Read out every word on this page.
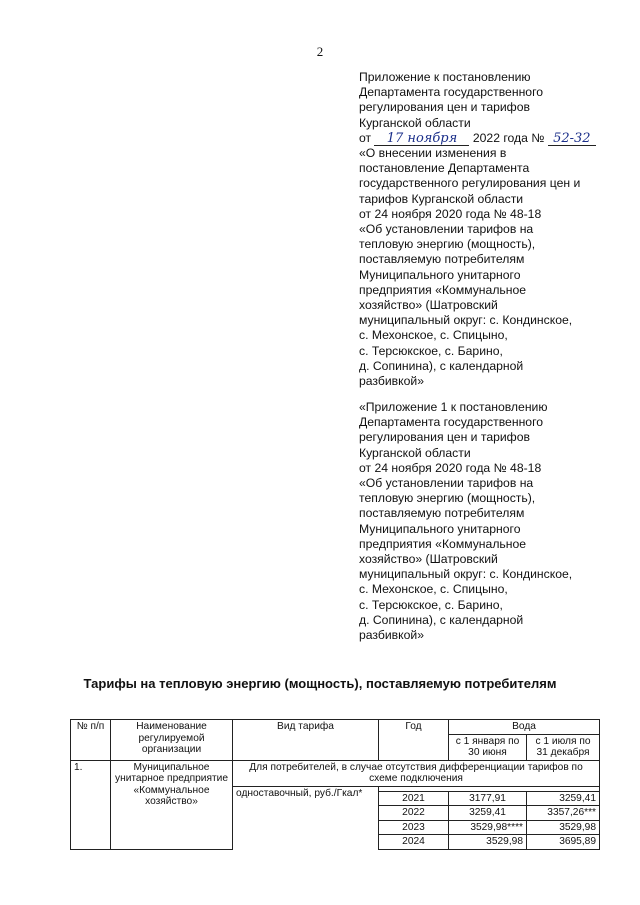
2
Приложение к постановлению
Департамента государственного
регулирования цен и тарифов
Курганской области
от 17 ноября 2022 года № 52-32
«О внесении изменения в
постановление Департамента
государственного регулирования цен и
тарифов Курганской области
от 24 ноября 2020 года № 48-18
«Об установлении тарифов на
тепловую энергию (мощность),
поставляемую потребителям
Муниципального унитарного
предприятия «Коммунальное
хозяйство» (Шатровский
муниципальный округ: с. Кондинское,
с. Мехонское, с. Спицыно,
с. Терсюкское, с. Барино,
д. Сопинина), с календарной
разбивкой»
«Приложение 1 к постановлению
Департамента государственного
регулирования цен и тарифов
Курганской области
от 24 ноября 2020 года № 48-18
«Об установлении тарифов на
тепловую энергию (мощность),
поставляемую потребителям
Муниципального унитарного
предприятия «Коммунальное
хозяйство» (Шатровский
муниципальный округ: с. Кондинское,
с. Мехонское, с. Спицыно,
с. Терсюкское, с. Барино,
д. Сопинина), с календарной
разбивкой»
Тарифы на тепловую энергию (мощность), поставляемую потребителям
№ п/п	Наименование регулируемой организации	Вид тарифа	Год	Вода	
				с 1 января по 30 июня	с 1 июля по 31 декабря
1.	Муниципальное унитарное предприятие «Коммунальное хозяйство»	Для потребителей, в случае отсутствия дифференциации тарифов по схеме подключения			
		одноставочный, руб./Гкал*			
			2021	3177,91	3259,41
			2022	3259,41	3357,26***
			2023	3529,98****	3529,98
			2024	3529,98	3695,89
